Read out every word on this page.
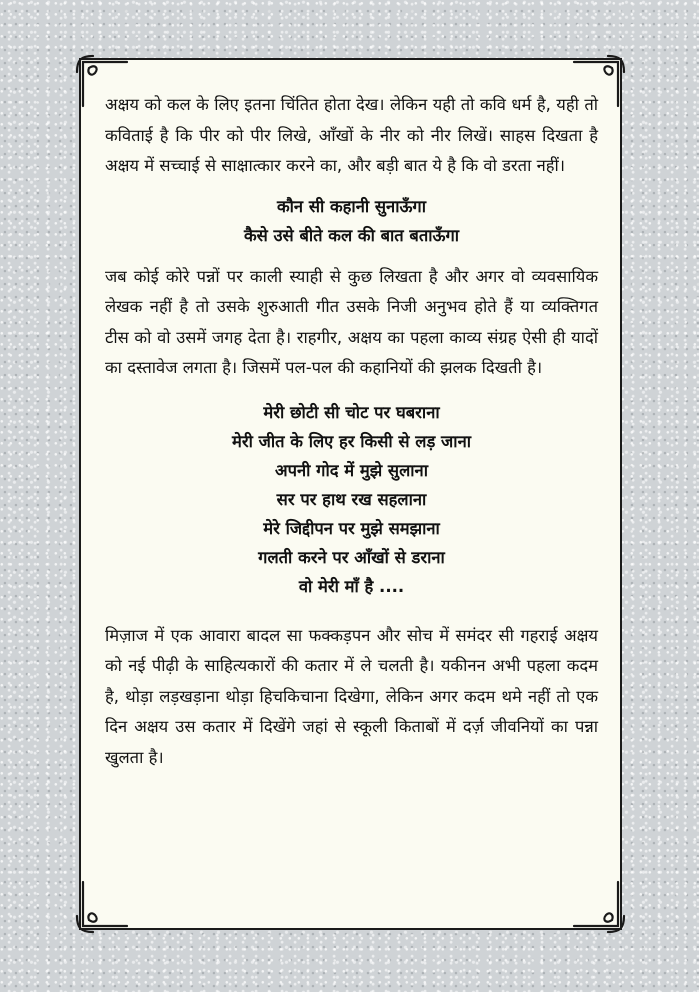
अक्षय को कल के लिए इतना चिंतित होता देख। लेकिन यही तो कवि धर्म है, यही तो कविताई है कि पीर को पीर लिखे, आँखों के नीर को नीर लिखें। साहस दिखता है अक्षय में सच्चाई से साक्षात्कार करने का, और बड़ी बात ये है कि वो डरता नहीं।

कौन सी कहानी सुनाऊँगा

कैसे उसे बीते कल की बात बताऊँगा

जब कोई कोरे पन्नों पर काली स्याही से कुछ लिखता है और अगर वो व्यवसायिक लेखक नहीं है तो उसके शुरुआती गीत उसके निजी अनुभव होते हैं या व्यक्तिगत टीस को वो उसमें जगह देता है। राहगीर, अक्षय का पहला काव्य संग्रह ऐसी ही यादों का दस्तावेज लगता है। जिसमें पल-पल की कहानियों की झलक दिखती है।

मेरी छोटी सी चोट पर घबराना

मेरी जीत के लिए हर किसी से लड़ जाना

अपनी गोद में मुझे सुलाना

सर पर हाथ रख सहलाना

मेरे जिद्दीपन पर मुझे समझाना

गलती करने पर आँखों से डराना

वो मेरी माँ है ....

मिज़ाज में एक आवारा बादल सा फक्कड़पन और सोच में समंदर सी गहराई अक्षय को नई पीढ़ी के साहित्यकारों की कतार में ले चलती है। यकीनन अभी पहला कदम है, थोड़ा लड़खड़ाना थोड़ा हिचकिचाना दिखेगा, लेकिन अगर कदम थमे नहीं तो एक दिन अक्षय उस कतार में दिखेंगे जहां से स्कूली किताबों में दर्ज़ जीवनियों का पन्ना खुलता है।
